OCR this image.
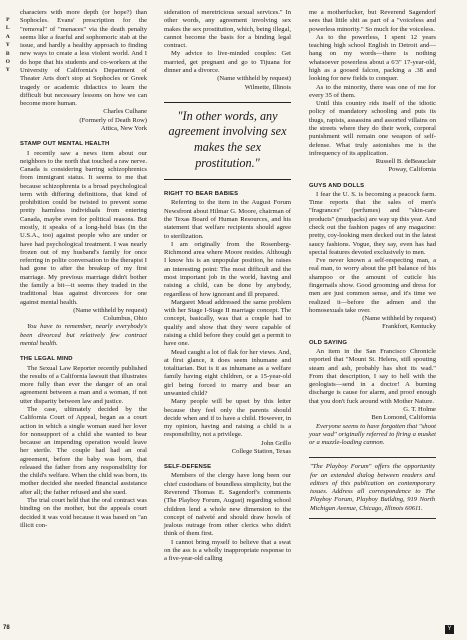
P
L
A
Y
B
O
Y
78	Y

characters with more depth (or hope?) than Sophocles. Evans' prescription for the "removal" of "menaces" via the death penalty seems like a fearful and sophomoric stab at the issue, and hardly a healthy approach to finding new ways to create a less violent world. And I do hope that his students and co-workers at the University of California's Department of Theater Arts don't stop at Sophocles or Greek tragedy or academic didactics to learn the difficult but necessary lessons on how we can become more human.

Charles Culhane

(Formerly of Death Row)

Attica, New York

STAMP OUT MENTAL HEALTH

I recently saw a news item about our neighbors to the north that touched a raw nerve. Canada is considering barring schizophrenics from immigrant status. It seems to me that because schizophrenia is a broad psychological term with differing definitions, that kind of prohibition could be twisted to prevent some pretty harmless individuals from entering Canada, maybe even for political reasons. But mostly, it speaks of a long-held bias (in the U.S.A., too) against people who are under or have had psychological treatment. I was nearly frozen out of my husband's family for once referring in polite conversation to the therapist I had gone to after the breakup of my first marriage. My previous marriage didn't bother the family a bit—it seems they traded in the traditional bias against divorcees for one against mental health.

(Name withheld by request)

Columbus, Ohio

You have to remember, nearly everybody's been divorced but relatively few contract mental health.

THE LEGAL MIND

The Sexual Law Reporter recently published the results of a California lawsuit that illustrates more fully than ever the danger of an oral agreement between a man and a woman, if not utter disparity between law and justice.

The case, ultimately decided by the California Court of Appeal, began as a court action in which a single woman sued her lover for nonsupport of a child she wanted to bear because an impending operation would leave her sterile. The couple had had an oral agreement, before the baby was born, that released the father from any responsibility for the child's welfare. When the child was born, its mother decided she needed financial assistance after all; the father refused and she sued.

The trial court held that the oral contract was binding on the mother, but the appeals court decided it was void because it was based on "an illicit con-

sideration of meretricious sexual services." In other words, any agreement involving sex makes the sex prostitution, which, being illegal, cannot become the basis for a binding legal contract.

My advice to live-minded couples: Get married, get pregnant and go to Tijuana for dinner and a divorce.

(Name withheld by request)

Wilmette, Illinois

"In other words, any agreement involving sex makes the sex prostitution."
RIGHT TO BEAR BABIES

Referring to the item in the August Forum Newsfront about Hilmar G. Moore, chairman of the Texas Board of Human Resources, and his statement that welfare recipients should agree to sterilization.

I am originally from the Rosenberg-Richmond area where Moore resides. Although I know his is an unpopular position, he raises an interesting point: The most difficult and the most important job in the world, having and raising a child, can be done by anybody, regardless of how ignorant and ill prepared.

Margaret Mead addressed the same problem with her Stage I-Stage II marriage concept. The concept, basically, was that a couple had to qualify and show that they were capable of raising a child before they could get a permit to have one.

Mead caught a lot of flak for her views. And, at first glance, it does seem inhumane and totalitarian. But is it as inhumane as a welfare family having eight children, or a 15-year-old girl being forced to marry and bear an unwanted child?

Many people will be upset by this letter because they feel only the parents should decide when and if to have a child. However, in my opinion, having and raising a child is a responsibility, not a privilege.

John Grillo

College Station, Texas

SELF-DEFENSE

Members of the clergy have long been our chief custodians of boundless simplicity, but the Reverend Thomas E. Sagendorf's comments (The Playboy Forum, August) regarding school children lend a whole new dimension to the concept of naïveté and should draw howls of jealous outrage from other clerics who didn't think of them first.

I cannot bring myself to believe that a swat on the ass is a wholly inappropriate response to a five-year-old calling

me a motherfucker, but Reverend Sagendorf sees that little shit as part of a "voiceless and powerless minority." So much for the voiceless.

As to the powerless, I spent 12 years teaching high school English in Detroit and—hang on my words—there is nothing whatsoever powerless about a 6'3" 17-year-old, high as a goosed falcon, packing a .38 and looking for new fields to conquer.

As to the minority, there was one of me for every 35 of them.

Until this country rids itself of the idiotic policy of mandatory schooling and puts its thugs, rapists, assassins and assorted villains on the streets where they do their work, corporal punishment will remain one weapon of self-defense. What truly astonishes me is the infrequency of its application.

Russell B. deBeauclair

Poway, California

GUYS AND DOLLS

I fear the U. S. is becoming a peacock farm. Time reports that the sales of men's "fragrances" (perfumes) and "skin-care products" (mudpacks) are way up this year. And check out the fashion pages of any magazine: pretty, coy-looking men decked out in the latest saucy fashions. Vogue, they say, even has had special features devoted exclusively to men.

I've never known a self-respecting man, a real man, to worry about the pH balance of his shampoo or the amount of cuticle his fingernails show. Good grooming and dress for men are just common sense, and it's time we realized it—before the admen and the homosexuals take over.

(Name withheld by request)

Frankfort, Kentucky

OLD SAYING

An item in the San Francisco Chronicle reported that "Mount St. Helens, still spouting steam and ash, probably has shot its wad." From that description, I say to hell with the geologists—send in a doctor! A burning discharge is cause for alarm, and proof enough that you don't fuck around with Mother Nature.

G. T. Holme

Ben Lomond, California

Everyone seems to have forgotten that "shoot your wad" originally referred to firing a musket or a muzzle-loading cannon.

"The Playboy Forum" offers the opportunity for an extended dialog between readers and editors of this publication on contemporary issues. Address all correspondence to The Playboy Forum, Playboy Building, 919 North Michigan Avenue, Chicago, Illinois 60611.
